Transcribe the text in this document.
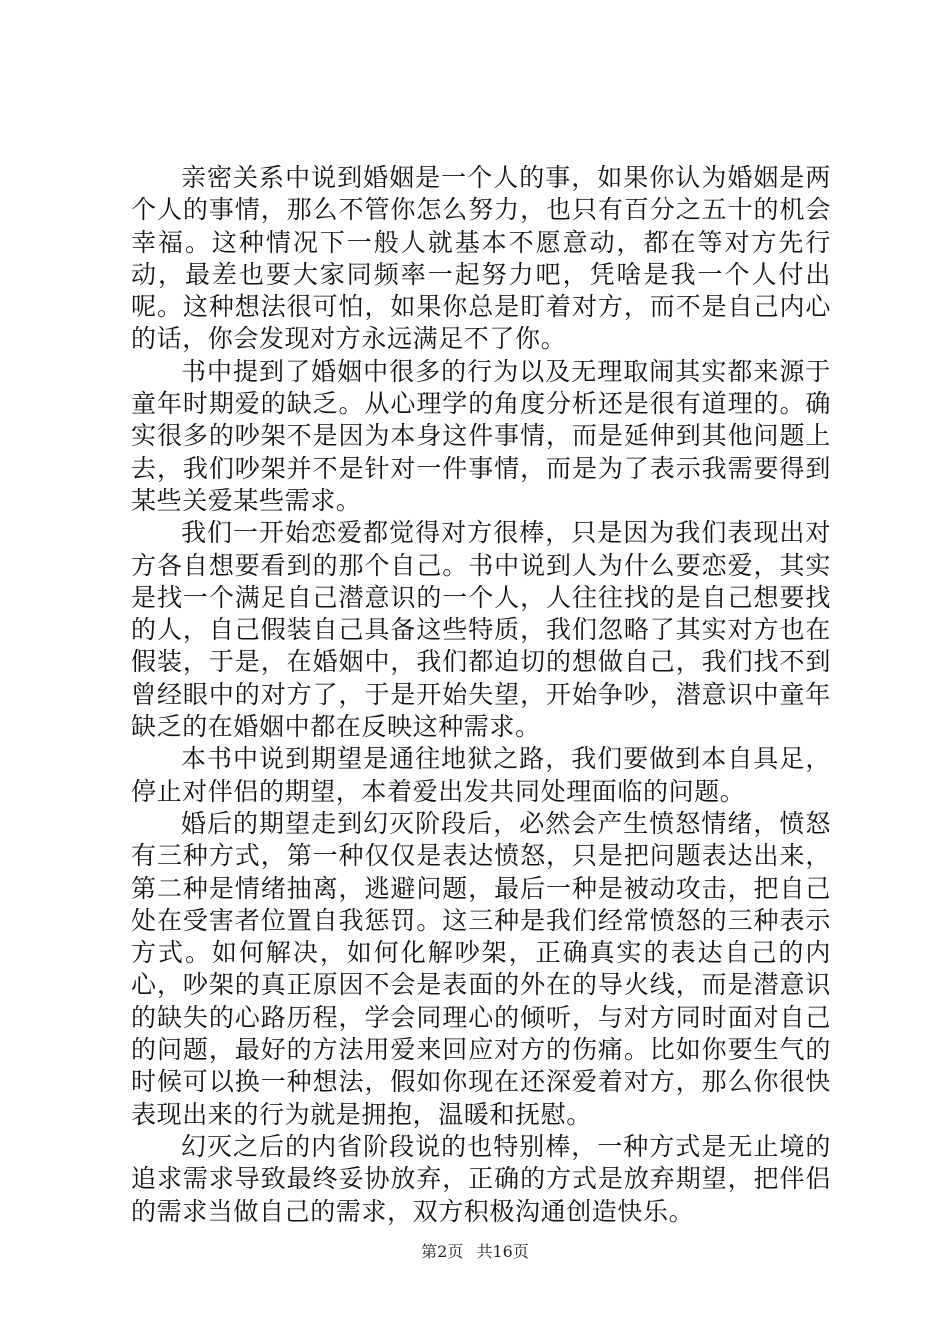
亲密关系中说到婚姻是一个人的事，如果你认为婚姻是两个人的事情，那么不管你怎么努力，也只有百分之五十的机会幸福。这种情况下一般人就基本不愿意动，都在等对方先行动，最差也要大家同频率一起努力吧，凭啥是我一个人付出呢。这种想法很可怕，如果你总是盯着对方，而不是自己内心的话，你会发现对方永远满足不了你。

书中提到了婚姻中很多的行为以及无理取闹其实都来源于童年时期爱的缺乏。从心理学的角度分析还是很有道理的。确实很多的吵架不是因为本身这件事情，而是延伸到其他问题上去，我们吵架并不是针对一件事情，而是为了表示我需要得到某些关爱某些需求。

我们一开始恋爱都觉得对方很棒，只是因为我们表现出对方各自想要看到的那个自己。书中说到人为什么要恋爱，其实是找一个满足自己潜意识的一个人，人往往找的是自己想要找的人，自己假装自己具备这些特质，我们忽略了其实对方也在假装，于是，在婚姻中，我们都迫切的想做自己，我们找不到曾经眼中的对方了，于是开始失望，开始争吵，潜意识中童年缺乏的在婚姻中都在反映这种需求。

本书中说到期望是通往地狱之路，我们要做到本自具足，停止对伴侣的期望，本着爱出发共同处理面临的问题。

婚后的期望走到幻灭阶段后，必然会产生愤怒情绪，愤怒有三种方式，第一种仅仅是表达愤怒，只是把问题表达出来，第二种是情绪抽离，逃避问题，最后一种是被动攻击，把自己处在受害者位置自我惩罚。这三种是我们经常愤怒的三种表示方式。如何解决，如何化解吵架，正确真实的表达自己的内心，吵架的真正原因不会是表面的外在的导火线，而是潜意识的缺失的心路历程，学会同理心的倾听，与对方同时面对自己的问题，最好的方法用爱来回应对方的伤痛。比如你要生气的时候可以换一种想法，假如你现在还深爱着对方，那么你很快表现出来的行为就是拥抱，温暖和抚慰。

幻灭之后的内省阶段说的也特别棒，一种方式是无止境的追求需求导致最终妥协放弃，正确的方式是放弃期望，把伴侣的需求当做自己的需求，双方积极沟通创造快乐。

第2页 共16页
